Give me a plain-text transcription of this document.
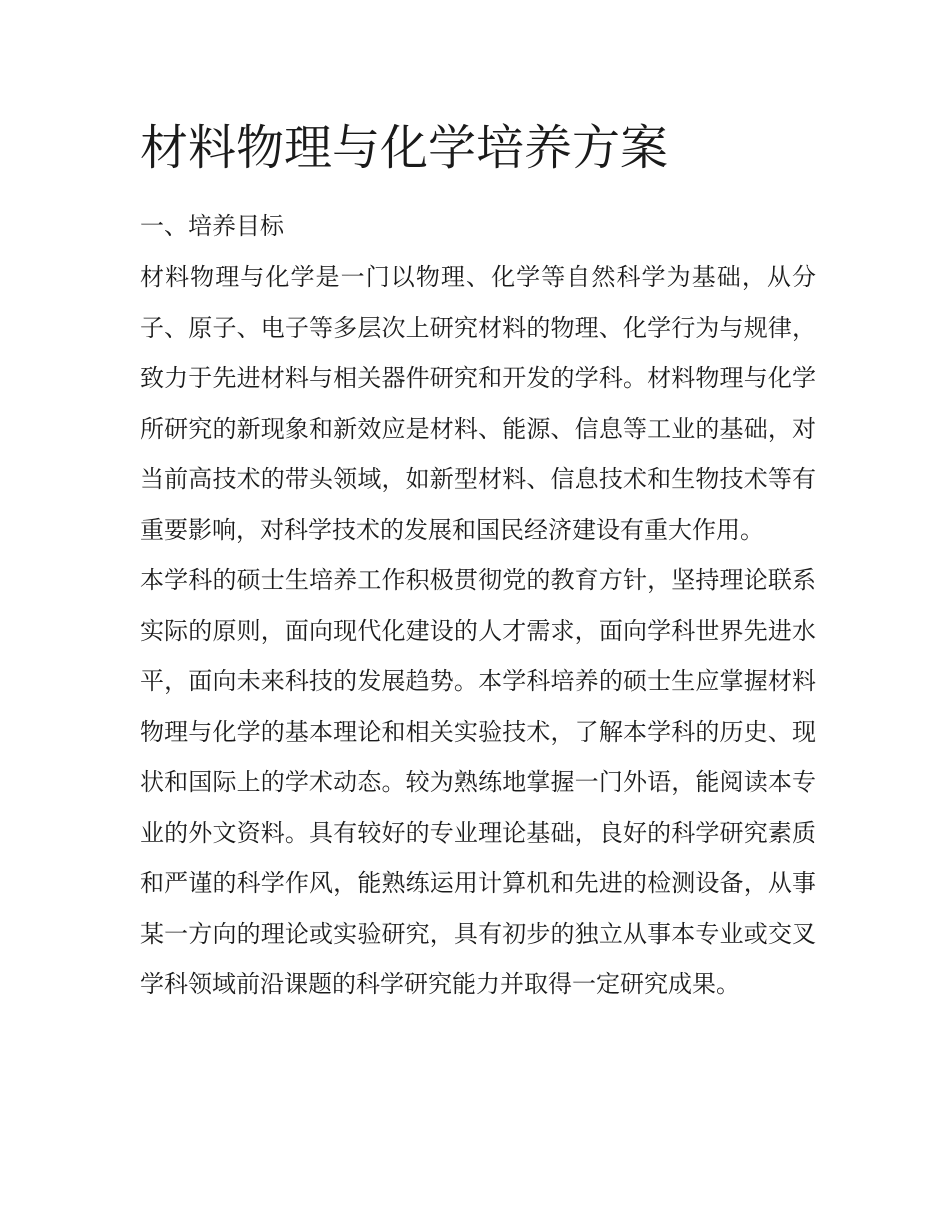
材料物理与化学培养方案
一、培养目标

材料物理与化学是一门以物理、化学等自然科学为基础，从分子、原子、电子等多层次上研究材料的物理、化学行为与规律，致力于先进材料与相关器件研究和开发的学科。材料物理与化学所研究的新现象和新效应是材料、能源、信息等工业的基础，对当前高技术的带头领域，如新型材料、信息技术和生物技术等有重要影响，对科学技术的发展和国民经济建设有重大作用。

本学科的硕士生培养工作积极贯彻党的教育方针，坚持理论联系实际的原则，面向现代化建设的人才需求，面向学科世界先进水平，面向未来科技的发展趋势。本学科培养的硕士生应掌握材料物理与化学的基本理论和相关实验技术，了解本学科的历史、现状和国际上的学术动态。较为熟练地掌握一门外语，能阅读本专业的外文资料。具有较好的专业理论基础，良好的科学研究素质和严谨的科学作风，能熟练运用计算机和先进的检测设备，从事某一方向的理论或实验研究，具有初步的独立从事本专业或交叉学科领域前沿课题的科学研究能力并取得一定研究成果。
